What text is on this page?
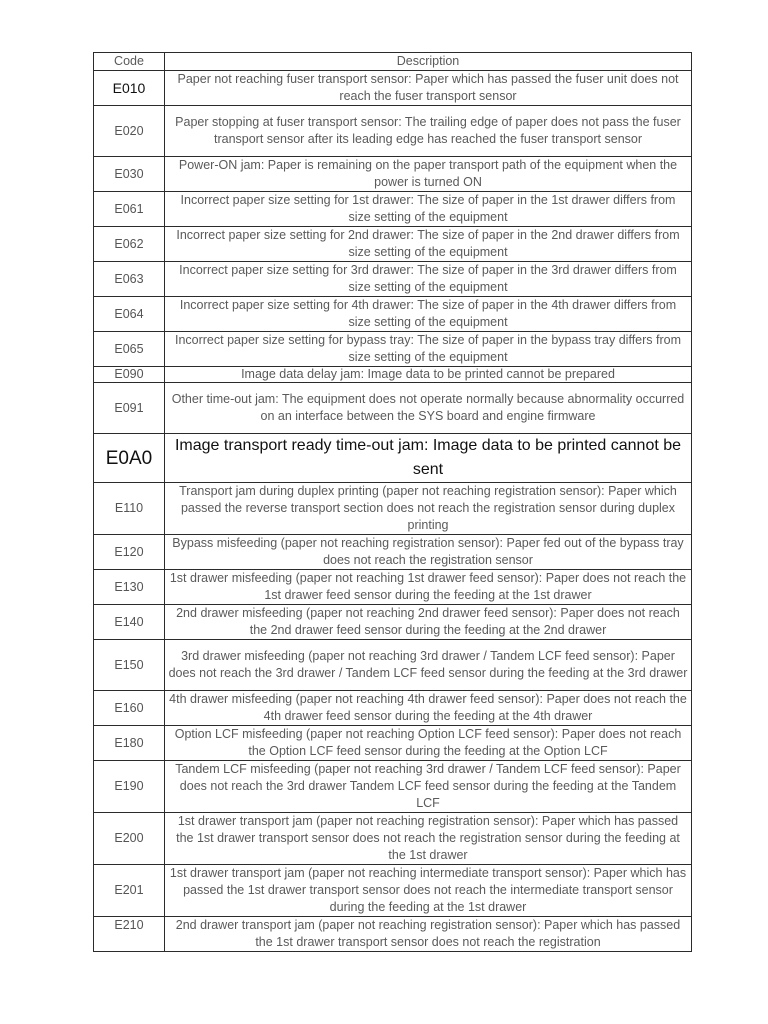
Code	Description
E010	Paper not reaching fuser transport sensor: Paper which has passed the fuser unit does not reach the fuser transport sensor
E020	Paper stopping at fuser transport sensor: The trailing edge of paper does not pass the fuser transport sensor after its leading edge has reached the fuser transport sensor
E030	Power-ON jam: Paper is remaining on the paper transport path of the equipment when the power is turned ON
E061	Incorrect paper size setting for 1st drawer: The size of paper in the 1st drawer differs from size setting of the equipment
E062	Incorrect paper size setting for 2nd drawer: The size of paper in the 2nd drawer differs from size setting of the equipment
E063	Incorrect paper size setting for 3rd drawer: The size of paper in the 3rd drawer differs from size setting of the equipment
E064	Incorrect paper size setting for 4th drawer: The size of paper in the 4th drawer differs from size setting of the equipment
E065	Incorrect paper size setting for bypass tray: The size of paper in the bypass tray differs from size setting of the equipment
E090	Image data delay jam: Image data to be printed cannot be prepared
E091	Other time-out jam: The equipment does not operate normally because abnormality occurred on an interface between the SYS board and engine firmware
E0A0	Image transport ready time-out jam: Image data to be printed cannot be sent
E110	Transport jam during duplex printing (paper not reaching registration sensor): Paper which passed the reverse transport section does not reach the registration sensor during duplex printing
E120	Bypass misfeeding (paper not reaching registration sensor): Paper fed out of the bypass tray does not reach the registration sensor
E130	1st drawer misfeeding (paper not reaching 1st drawer feed sensor): Paper does not reach the 1st drawer feed sensor during the feeding at the 1st drawer
E140	2nd drawer misfeeding (paper not reaching 2nd drawer feed sensor): Paper does not reach the 2nd drawer feed sensor during the feeding at the 2nd drawer
E150	3rd drawer misfeeding (paper not reaching 3rd drawer / Tandem LCF feed sensor): Paper does not reach the 3rd drawer / Tandem LCF feed sensor during the feeding at the 3rd drawer
E160	4th drawer misfeeding (paper not reaching 4th drawer feed sensor): Paper does not reach the 4th drawer feed sensor during the feeding at the 4th drawer
E180	Option LCF misfeeding (paper not reaching Option LCF feed sensor): Paper does not reach the Option LCF feed sensor during the feeding at the Option LCF
E190	Tandem LCF misfeeding (paper not reaching 3rd drawer / Tandem LCF feed sensor): Paper does not reach the 3rd drawer Tandem LCF feed sensor during the feeding at the Tandem LCF
E200	1st drawer transport jam (paper not reaching registration sensor): Paper which has passed the 1st drawer transport sensor does not reach the registration sensor during the feeding at the 1st drawer
E201	1st drawer transport jam (paper not reaching intermediate transport sensor): Paper which has passed the 1st drawer transport sensor does not reach the intermediate transport sensor during the feeding at the 1st drawer
E210	2nd drawer transport jam (paper not reaching registration sensor): Paper which has passed the 1st drawer transport sensor does not reach the registration
